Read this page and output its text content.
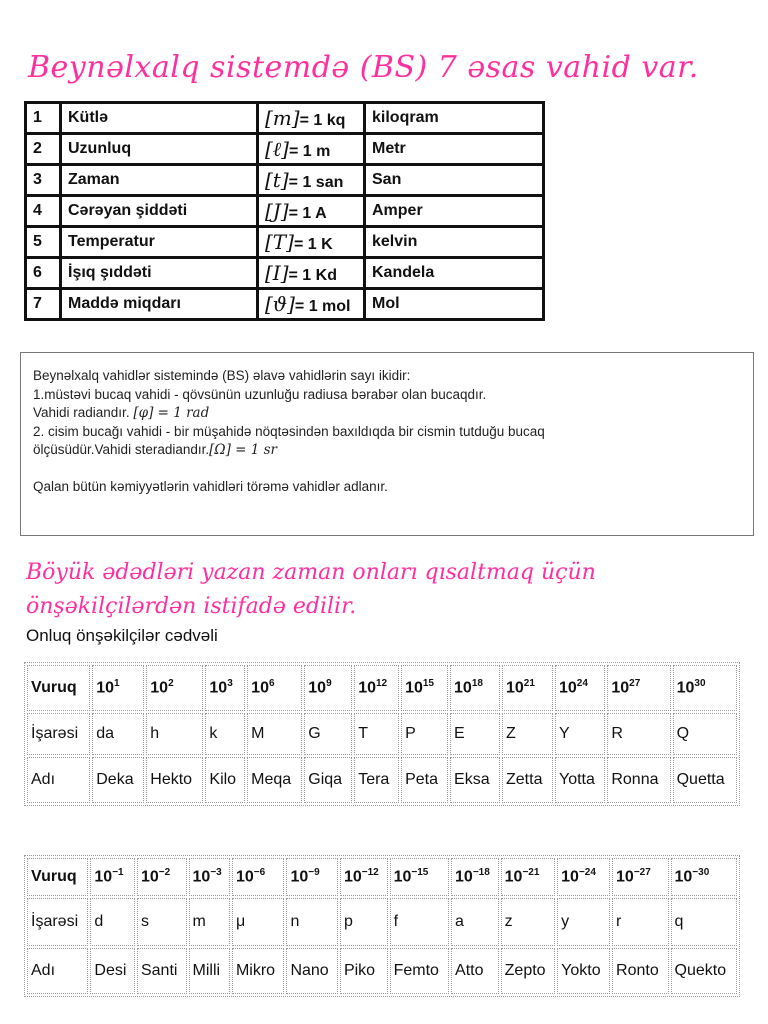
Beynəlxalq sistemdə (BS) 7 əsas vahid var.
1	Kütlə	[m]= 1 kq	kiloqram
2	Uzunluq	[ℓ]= 1 m	Metr
3	Zaman	[t]= 1 san	San
4	Cərəyan şiddəti	[J]= 1 A	Amper
5	Temperatur	[T]= 1 K	kelvin
6	İşıq şıddəti	[I]= 1 Kd	Kandela
7	Maddə miqdarı	[ϑ]= 1 mol	Mol
Beynəlxalq vahidlər sistemində (BS) əlavə vahidlərin sayı ikidir:
1.müstəvi bucaq vahidi - qövsünün uzunluğu radiusa bərabər olan bucaqdır.
Vahidi radiandır. [φ] = 1 rad
2. cisim bucağı vahidi - bir müşahidə nöqtəsindən baxıldıqda bir cismin tutduğu bucaq
ölçüsüdür.Vahidi steradiandır.[Ω] = 1 sr
Qalan bütün kəmiyyətlərin vahidləri törəmə vahidlər adlanır.
Böyük ədədləri yazan zaman onları qısaltmaq üçün
önşəkilçilərdən istifadə edilir.
Onluq önşəkilçilər cədvəli
Vuruq	$10^1$	$10^2$	$10^3$	$10^6$	$10^9$	$10^{12}$	$10^{15}$	$10^{18}$	$10^{21}$	$10^{24}$	$10^{27}$	$10^{30}$
İşarəsi	da	h	k	M	G	T	P	E	Z	Y	R	Q
Adı	Deka	Hekto	Kilo	Meqa	Giqa	Tera	Peta	Eksa	Zetta	Yotta	Ronna	Quetta
Vuruq	$10^{-1}$	$10^{-2}$	$10^{-3}$	$10^{-6}$	$10^{-9}$	$10^{-12}$	$10^{-15}$	$10^{-18}$	$10^{-21}$	$10^{-24}$	$10^{-27}$	$10^{-30}$
İşarəsi	d	s	m	μ	n	p	f	a	z	y	r	q
Adı	Desi	Santi	Milli	Mikro	Nano	Piko	Femto	Atto	Zepto	Yokto	Ronto	Quekto
